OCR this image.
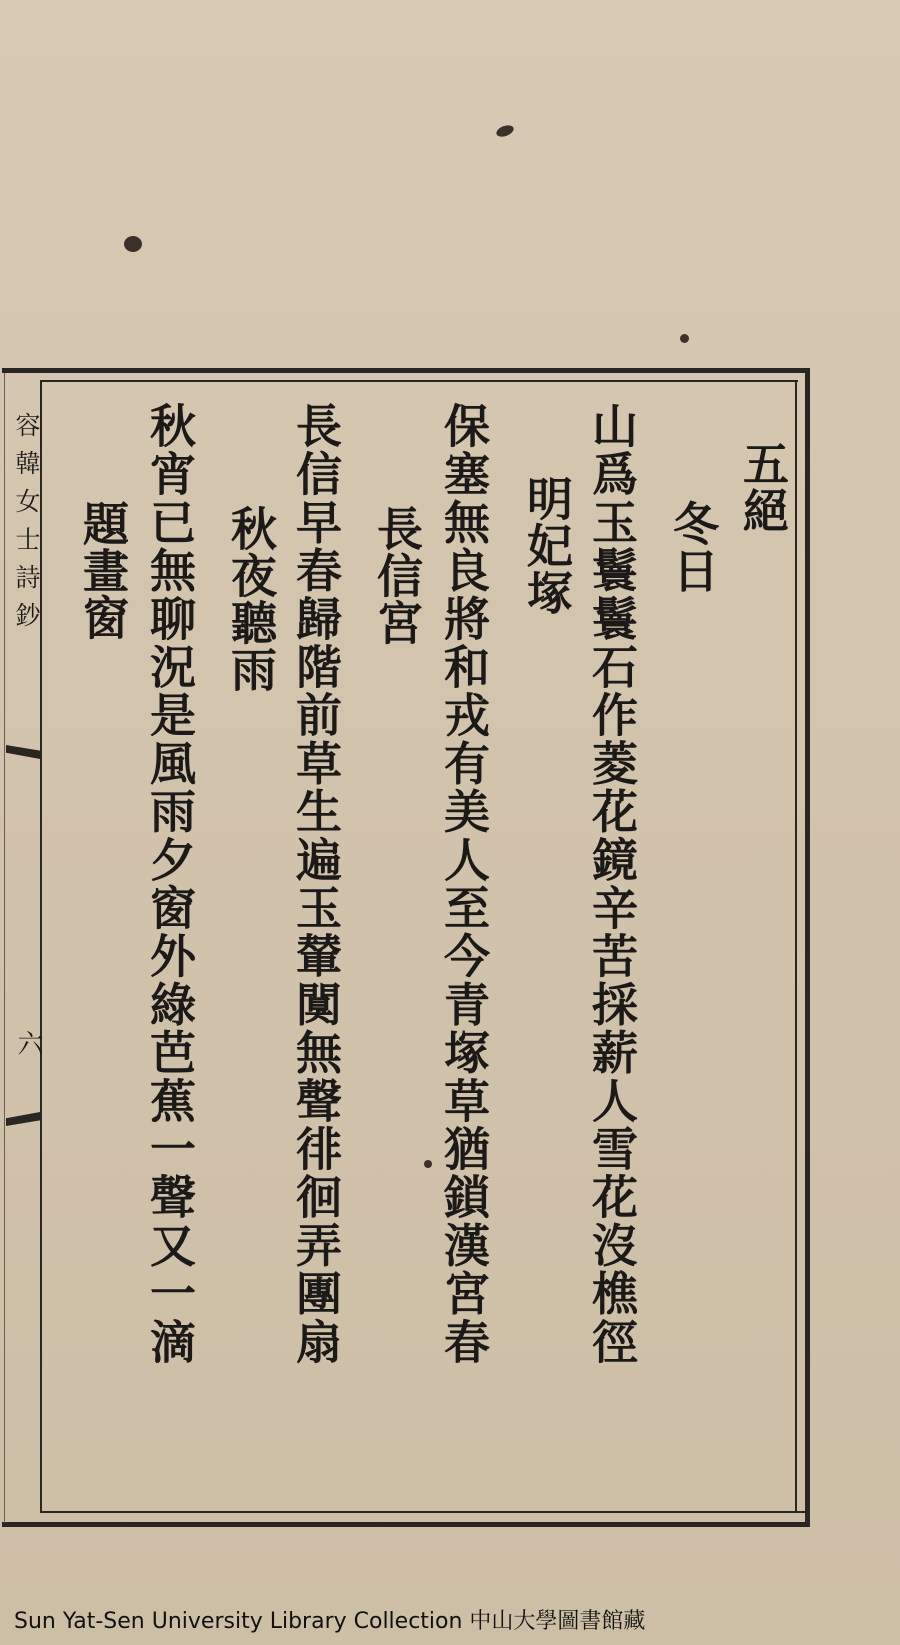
容韓女士詩鈔
六
五絕
冬日
山爲玉鬟鬟石作菱花鏡辛苦採薪人雪花沒樵徑
明妃塚
保塞無良將和戎有美人至今青塚草猶鎖漢宮春
長信宮
長信早春歸階前草生遍玉輦闃無聲徘徊弄團扇
秋夜聽雨
秋宵已無聊況是風雨夕窗外綠芭蕉一聲又一滴
題畫窗
Sun Yat-Sen University Library Collection 中山大學圖書館藏
